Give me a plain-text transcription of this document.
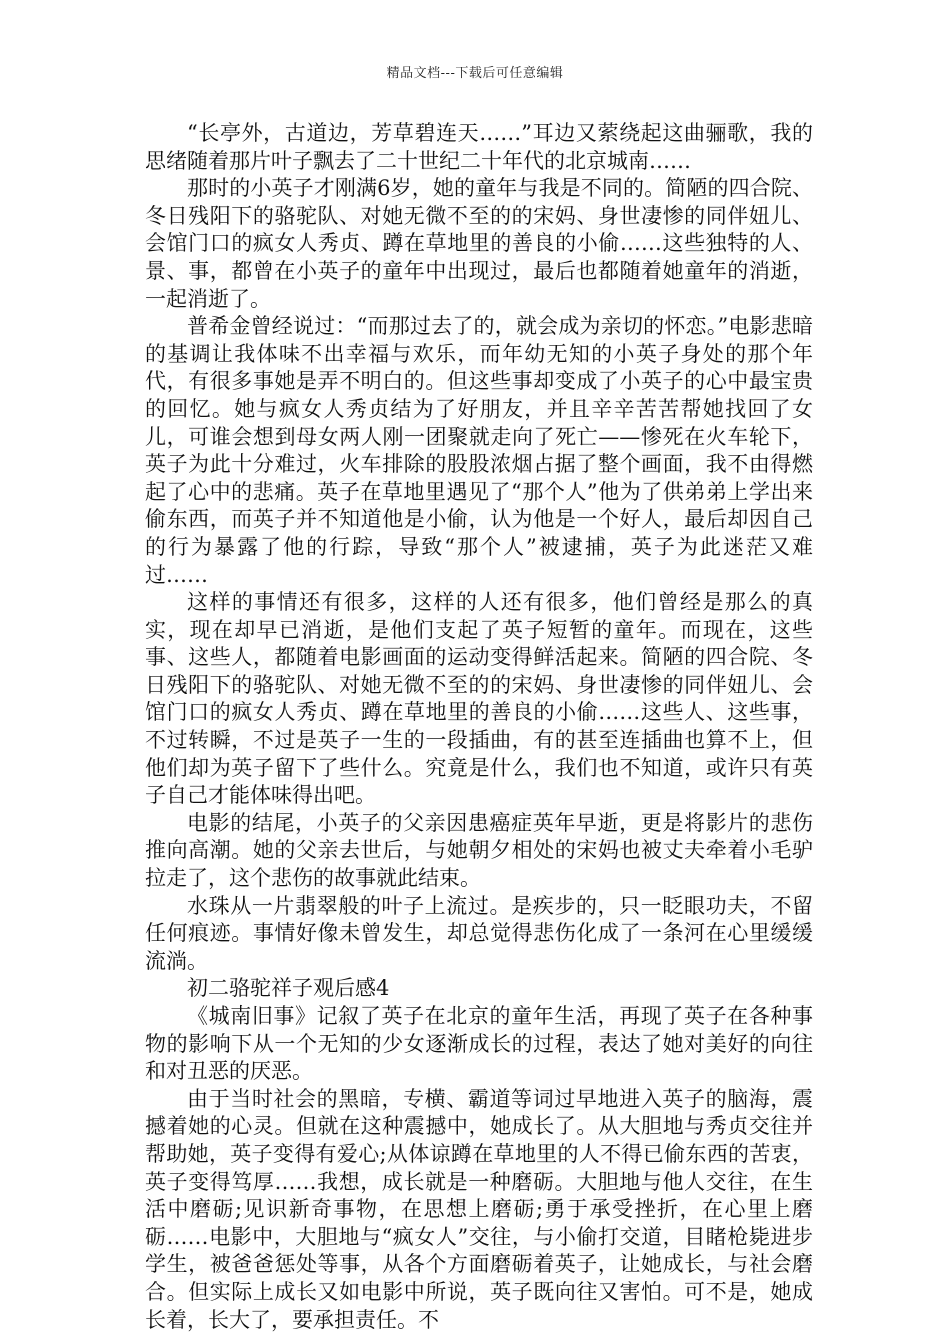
精品文档---下载后可任意编辑

“长亭外，古道边，芳草碧连天……”耳边又萦绕起这曲骊歌，我的思绪随着那片叶子飘去了二十世纪二十年代的北京城南……

那时的小英子才刚满6岁，她的童年与我是不同的。简陋的四合院、冬日残阳下的骆驼队、对她无微不至的的宋妈、身世凄惨的同伴妞儿、会馆门口的疯女人秀贞、蹲在草地里的善良的小偷……这些独特的人、景、事，都曾在小英子的童年中出现过，最后也都随着她童年的消逝，一起消逝了。

普希金曾经说过：“而那过去了的，就会成为亲切的怀恋。”电影悲暗的基调让我体味不出幸福与欢乐，而年幼无知的小英子身处的那个年代，有很多事她是弄不明白的。但这些事却变成了小英子的心中最宝贵的回忆。她与疯女人秀贞结为了好朋友，并且辛辛苦苦帮她找回了女儿，可谁会想到母女两人刚一团聚就走向了死亡——惨死在火车轮下，英子为此十分难过，火车排除的股股浓烟占据了整个画面，我不由得燃起了心中的悲痛。英子在草地里遇见了“那个人”他为了供弟弟上学出来偷东西，而英子并不知道他是小偷，认为他是一个好人，最后却因自己的行为暴露了他的行踪，导致“那个人”被逮捕，英子为此迷茫又难过……

这样的事情还有很多，这样的人还有很多，他们曾经是那么的真实，现在却早已消逝，是他们支起了英子短暂的童年。而现在，这些事、这些人，都随着电影画面的运动变得鲜活起来。简陋的四合院、冬日残阳下的骆驼队、对她无微不至的的宋妈、身世凄惨的同伴妞儿、会馆门口的疯女人秀贞、蹲在草地里的善良的小偷……这些人、这些事，不过转瞬，不过是英子一生的一段插曲，有的甚至连插曲也算不上，但他们却为英子留下了些什么。究竟是什么，我们也不知道，或许只有英子自己才能体味得出吧。

电影的结尾，小英子的父亲因患癌症英年早逝，更是将影片的悲伤推向高潮。她的父亲去世后，与她朝夕相处的宋妈也被丈夫牵着小毛驴拉走了，这个悲伤的故事就此结束。

水珠从一片翡翠般的叶子上流过。是疾步的，只一眨眼功夫，不留任何痕迹。事情好像未曾发生，却总觉得悲伤化成了一条河在心里缓缓流淌。

初二骆驼祥子观后感4

《城南旧事》记叙了英子在北京的童年生活，再现了英子在各种事物的影响下从一个无知的少女逐渐成长的过程，表达了她对美好的向往和对丑恶的厌恶。

由于当时社会的黑暗，专横、霸道等词过早地进入英子的脑海，震撼着她的心灵。但就在这种震撼中，她成长了。从大胆地与秀贞交往并帮助她，英子变得有爱心;从体谅蹲在草地里的人不得已偷东西的苦衷，英子变得笃厚……我想，成长就是一种磨砺。大胆地与他人交往，在生活中磨砺;见识新奇事物，在思想上磨砺;勇于承受挫折，在心里上磨砺……电影中，大胆地与“疯女人”交往，与小偷打交道，目睹枪毙进步学生，被爸爸惩处等事，从各个方面磨砺着英子，让她成长，与社会磨合。但实际上成长又如电影中所说，英子既向往又害怕。可不是，她成长着，长大了，要承担责任。不
